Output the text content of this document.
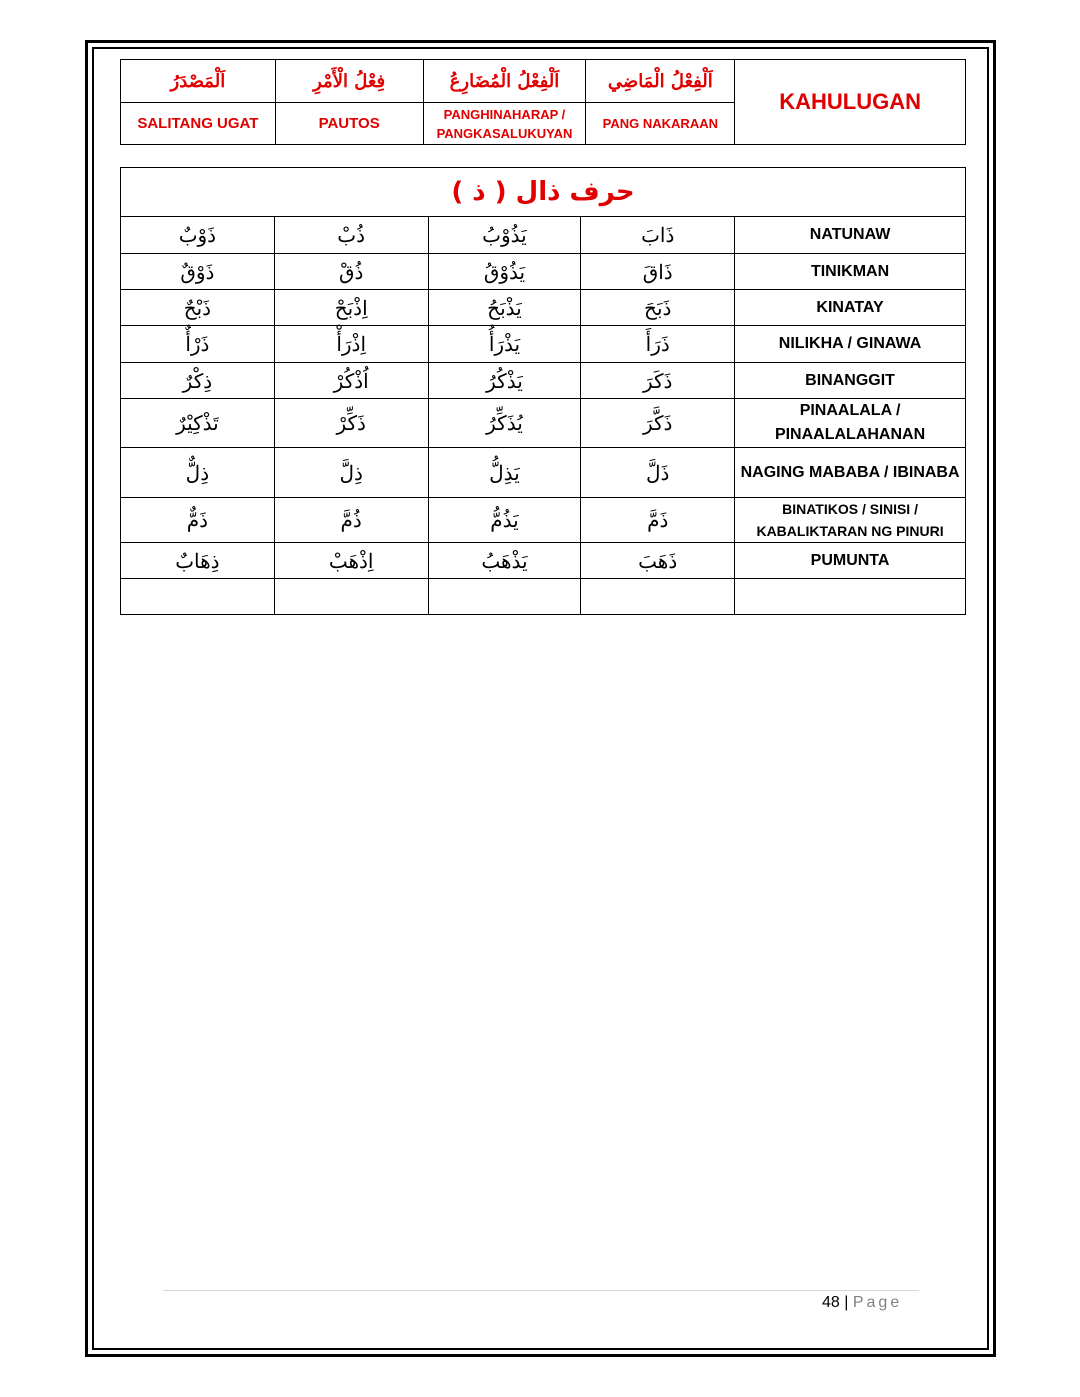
اَلْمَصْدَرُ	فِعْلُ الْأَمْرِ	اَلْفِعْلُ الْمُضَارِعُ	اَلْفِعْلُ الْمَاضِي	KAHULUGAN
SALITANG UGAT	PAUTOS	PANGHINAHARAP / PANGKASALUKUYAN	PANG NAKARAAN	
حرف ذال ( ذ )				
ذَوْبٌ	ذُبْ	يَذُوْبُ	ذَابَ	NATUNAW
ذَوْقٌ	ذُقْ	يَذُوْقُ	ذَاقَ	TINIKMAN
ذَبْحٌ	اِذْبَحْ	يَذْبَحُ	ذَبَحَ	KINATAY
ذَرْأٌ	اِذْرَأْ	يَذْرَأُ	ذَرَأَ	NILIKHA / GINAWA
ذِكْرٌ	اُذْكُرْ	يَذْكُرُ	ذَكَرَ	BINANGGIT
تَذْكِيْرٌ	ذَكِّرْ	يُذَكِّرُ	ذَكَّرَ	PINAALALA / PINAALALAHANAN
ذِلٌّ	ذِلَّ	يَذِلُّ	ذَلَّ	NAGING MABABA / IBINABA
ذَمٌّ	ذُمَّ	يَذُمُّ	ذَمَّ	BINATIKOS / SINISI / KABALIKTARAN NG PINURI
ذِهَابٌ	اِذْهَبْ	يَذْهَبُ	ذَهَبَ	PUMUNTA

48 | Page
